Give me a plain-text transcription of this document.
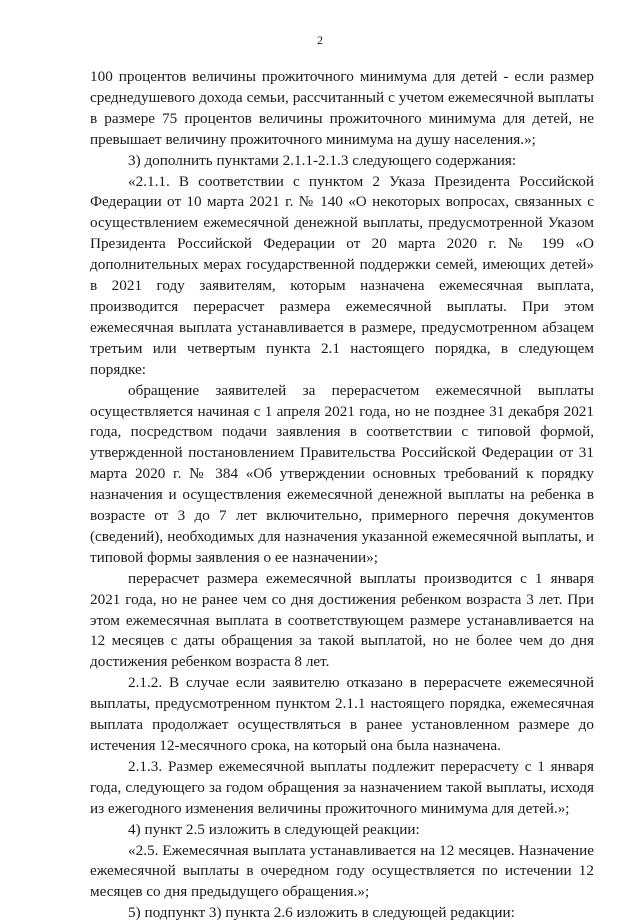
2

100 процентов величины прожиточного минимума для детей - если размер среднедушевого дохода семьи, рассчитанный с учетом ежемесячной выплаты в размере 75 процентов величины прожиточного минимума для детей, не превышает величину прожиточного минимума на душу населения.»;

3) дополнить пунктами 2.1.1-2.1.3 следующего содержания:

«2.1.1. В соответствии с пунктом 2 Указа Президента Российской Федерации от 10 марта 2021 г. № 140 «О некоторых вопросах, связанных с осуществлением ежемесячной денежной выплаты, предусмотренной Указом Президента Российской Федерации от 20 марта 2020 г. № 199 «О дополнительных мерах государственной поддержки семей, имеющих детей» в 2021 году заявителям, которым назначена ежемесячная выплата, производится перерасчет размера ежемесячной выплаты. При этом ежемесячная выплата устанавливается в размере, предусмотренном абзацем третьим или четвертым пункта 2.1 настоящего порядка, в следующем порядке:

обращение заявителей за перерасчетом ежемесячной выплаты осуществляется начиная с 1 апреля 2021 года, но не позднее 31 декабря 2021 года, посредством подачи заявления в соответствии с типовой формой, утвержденной постановлением Правительства Российской Федерации от 31 марта 2020 г. № 384 «Об утверждении основных требований к порядку назначения и осуществления ежемесячной денежной выплаты на ребенка в возрасте от 3 до 7 лет включительно, примерного перечня документов (сведений), необходимых для назначения указанной ежемесячной выплаты, и типовой формы заявления о ее назначении»;

перерасчет размера ежемесячной выплаты производится с 1 января 2021 года, но не ранее чем со дня достижения ребенком возраста 3 лет. При этом ежемесячная выплата в соответствующем размере устанавливается на 12 месяцев с даты обращения за такой выплатой, но не более чем до дня достижения ребенком возраста 8 лет.

2.1.2. В случае если заявителю отказано в перерасчете ежемесячной выплаты, предусмотренном пунктом 2.1.1 настоящего порядка, ежемесячная выплата продолжает осуществляться в ранее установленном размере до истечения 12-месячного срока, на который она была назначена.

2.1.3. Размер ежемесячной выплаты подлежит перерасчету с 1 января года, следующего за годом обращения за назначением такой выплаты, исходя из ежегодного изменения величины прожиточного минимума для детей.»;

4) пункт 2.5 изложить в следующей реакции:

«2.5. Ежемесячная выплата устанавливается на 12 месяцев. Назначение ежемесячной выплаты в очередном году осуществляется по истечении 12 месяцев со дня предыдущего обращения.»;

5) подпункт 3) пункта 2.6 изложить в следующей редакции:
